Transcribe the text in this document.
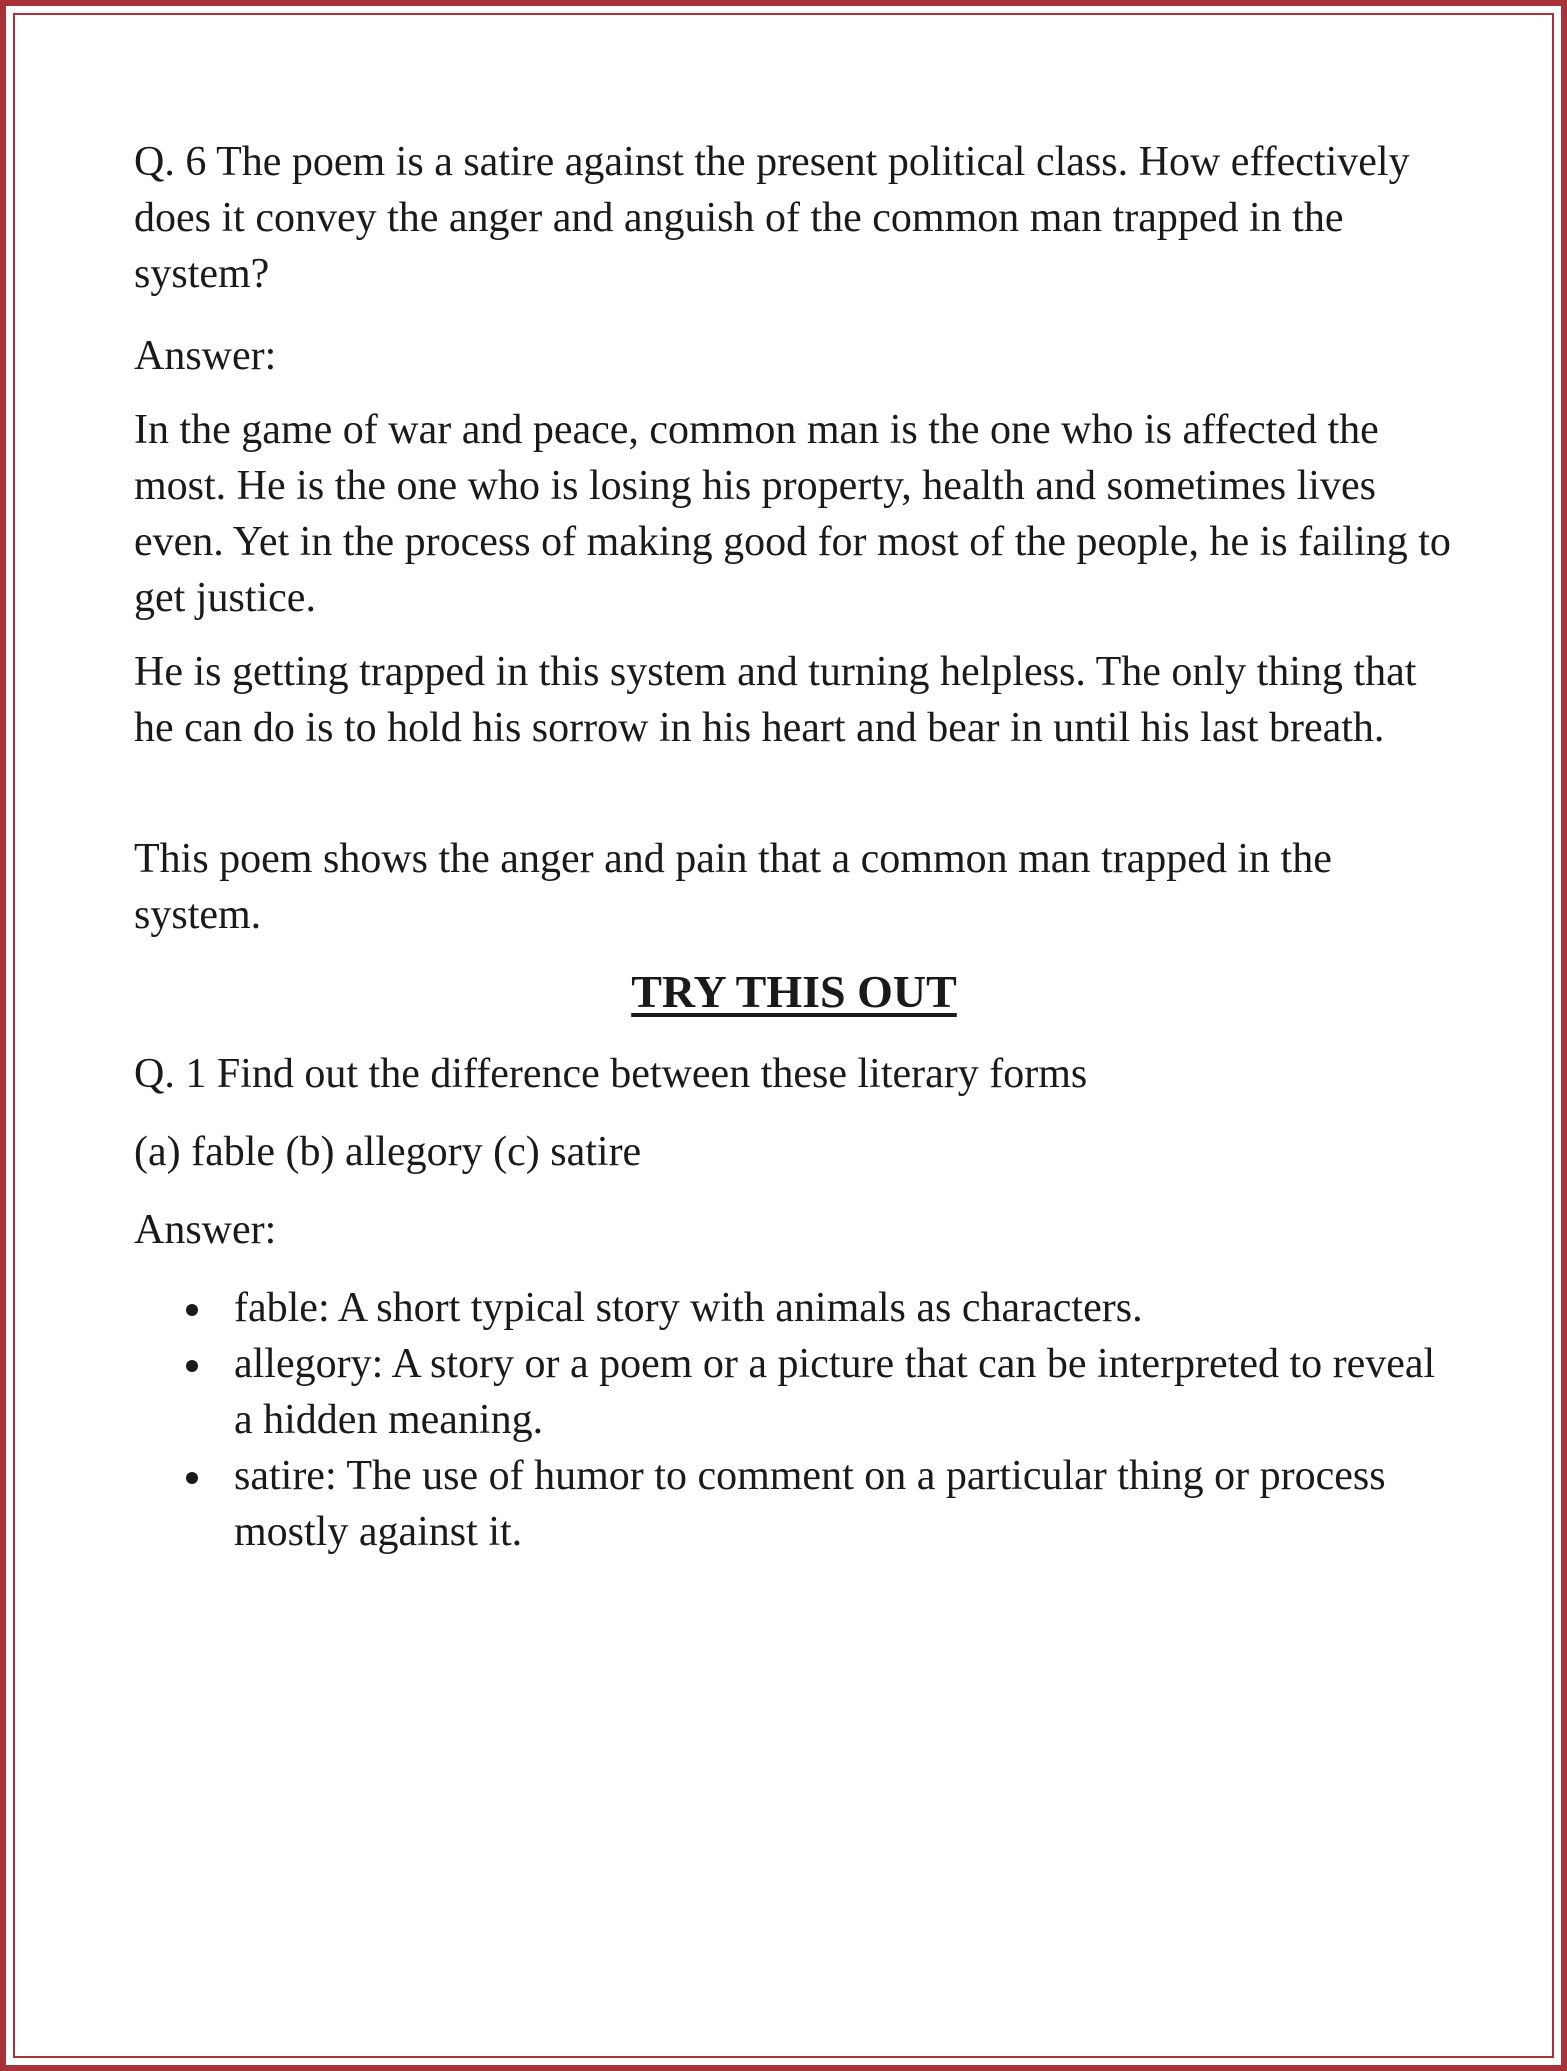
Q. 6 The poem is a satire against the present political class. How effectively does it convey the anger and anguish of the common man trapped in the system?

Answer:

In the game of war and peace, common man is the one who is affected the most. He is the one who is losing his property, health and sometimes lives even. Yet in the process of making good for most of the people, he is failing to get justice.

He is getting trapped in this system and turning helpless. The only thing that he can do is to hold his sorrow in his heart and bear in until his last breath.

This poem shows the anger and pain that a common man trapped in the system.

TRY THIS OUT

Q. 1 Find out the difference between these literary forms

(a) fable (b) allegory (c) satire

Answer:

fable: A short typical story with animals as characters.
allegory: A story or a poem or a picture that can be interpreted to reveal a hidden meaning.
satire: The use of humor to comment on a particular thing or process mostly against it.
